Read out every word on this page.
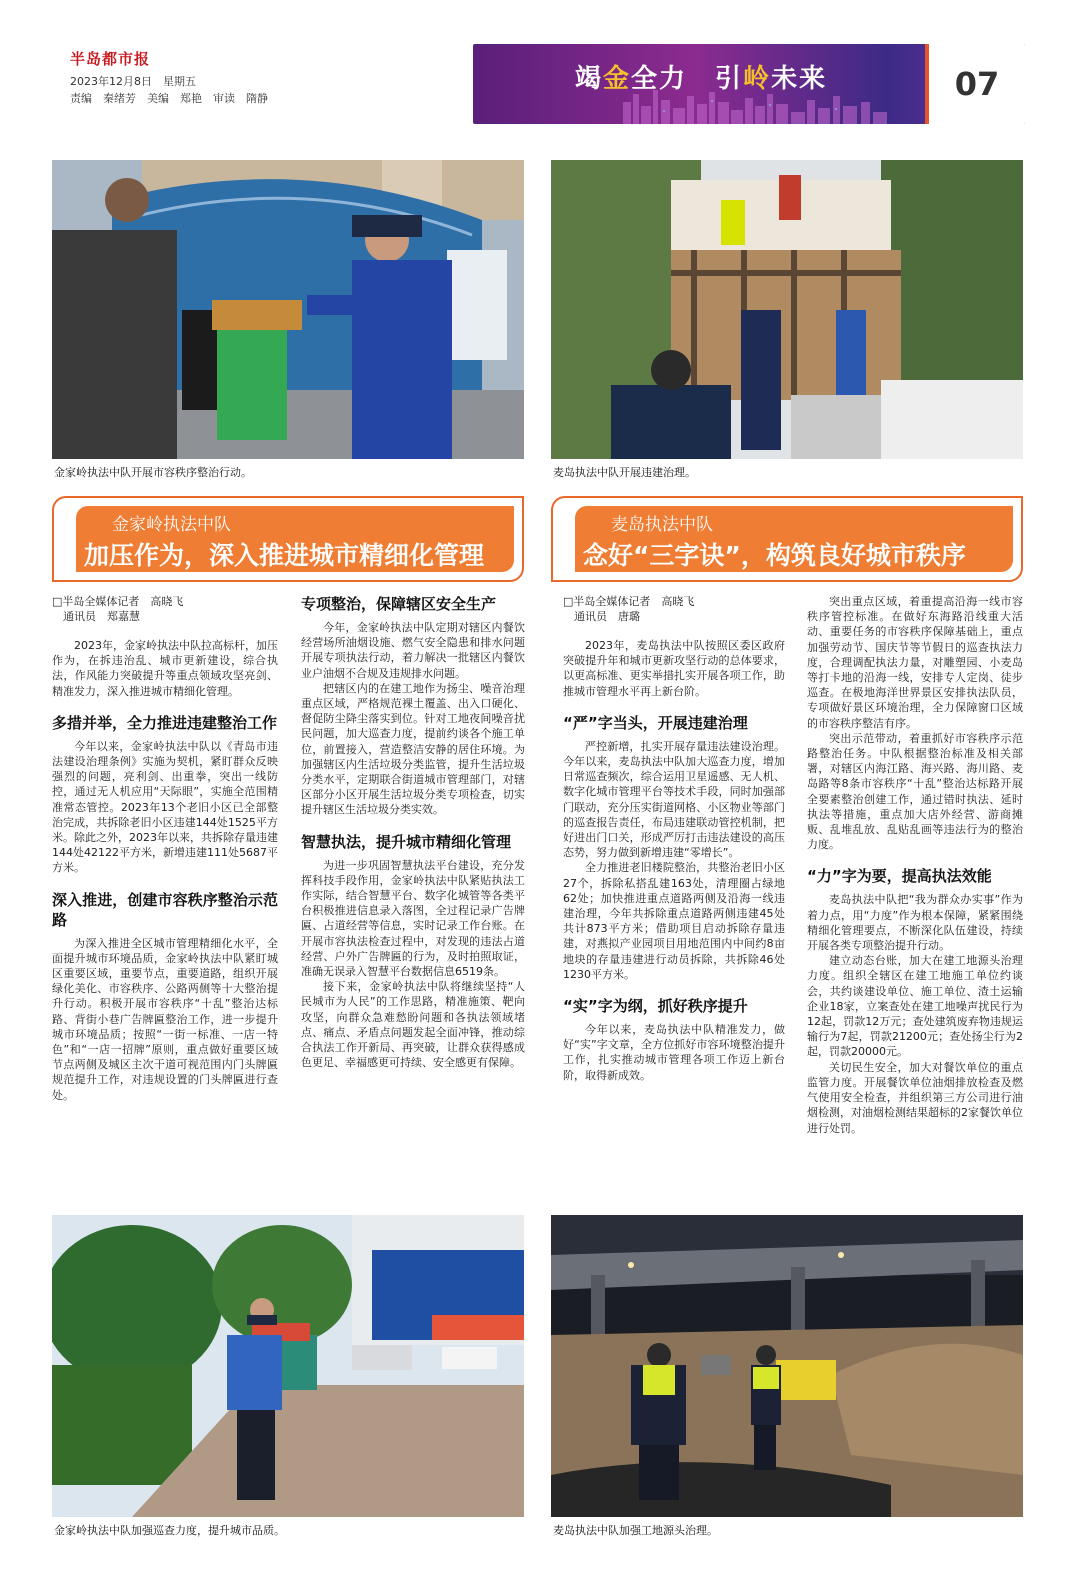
半岛都市报
2023年12月8日　星期五
责编　秦绪芳　美编　郑艳　审读　隋静
竭金全力　引岭未来	07
金家岭执法中队开展市容秩序整治行动。	麦岛执法中队开展违建治理。
金家岭执法中队
加压作为，深入推进城市精细化管理
麦岛执法中队
念好“三字诀”，构筑良好城市秩序

□半岛全媒体记者　高晓飞
　通讯员　郑嘉慧

2023年，金家岭执法中队拉高标杆，加压作为，在拆违治乱、城市更新建设，综合执法，作风能力突破提升等重点领域攻坚亮剑、精准发力，深入推进城市精细化管理。

多措并举，全力推进违建整治工作

今年以来，金家岭执法中队以《青岛市违法建设治理条例》实施为契机，紧盯群众反映强烈的问题，亮利剑、出重拳，突出一线防控，通过无人机应用“天际眼”，实施全范围精准常态管控。2023年13个老旧小区已全部整治完成，共拆除老旧小区违建144处1525平方米。除此之外，2023年以来，共拆除存量违建144处42122平方米，新增违建111处5687平方米。

深入推进，创建市容秩序整治示范路

为深入推进全区城市管理精细化水平，全面提升城市环境品质，金家岭执法中队紧盯城区重要区域，重要节点，重要道路，组织开展绿化美化、市容秩序、公路两侧等十大整治提升行动。积极开展市容秩序“十乱”整治达标路、背街小巷广告牌匾整治工作，进一步提升城市环境品质；按照“一街一标准、一店一特色”和“一店一招牌”原则，重点做好重要区域节点两侧及城区主次干道可视范围内门头牌匾规范提升工作，对违规设置的门头牌匾进行查处。

专项整治，保障辖区安全生产

今年，金家岭执法中队定期对辖区内餐饮经营场所油烟设施、燃气安全隐患和排水问题开展专项执法行动，着力解决一批辖区内餐饮业户油烟不合规及违规排水问题。

把辖区内的在建工地作为扬尘、噪音治理重点区域，严格规范裸土覆盖、出入口硬化、督促防尘降尘落实到位。针对工地夜间噪音扰民问题，加大巡查力度，提前约谈各个施工单位，前置接入，营造整洁安静的居住环境。为加强辖区内生活垃圾分类监管，提升生活垃圾分类水平，定期联合街道城市管理部门，对辖区部分小区开展生活垃圾分类专项检查，切实提升辖区生活垃圾分类实效。

智慧执法，提升城市精细化管理

为进一步巩固智慧执法平台建设，充分发挥科技手段作用，金家岭执法中队紧贴执法工作实际，结合智慧平台、数字化城管等各类平台积极推进信息录入落图，全过程记录广告牌匾、占道经营等信息，实时记录工作台账。在开展市容执法检查过程中，对发现的违法占道经营、户外广告牌匾的行为，及时拍照取证，准确无误录入智慧平台数据信息6519条。

接下来，金家岭执法中队将继续坚持“人民城市为人民”的工作思路，精准施策、靶向攻坚，向群众急难愁盼问题和各执法领域堵点、痛点、矛盾点问题发起全面冲锋，推动综合执法工作开新局、再突破，让群众获得感成色更足、幸福感更可持续、安全感更有保障。

□半岛全媒体记者　高晓飞
　通讯员　唐璐

2023年，麦岛执法中队按照区委区政府突破提升年和城市更新攻坚行动的总体要求，以更高标准、更实举措扎实开展各项工作，助推城市管理水平再上新台阶。

“严”字当头，开展违建治理

严控新增，扎实开展存量违法建设治理。今年以来，麦岛执法中队加大巡查力度，增加日常巡查频次，综合运用卫星遥感、无人机、数字化城市管理平台等技术手段，同时加强部门联动，充分压实街道网格、小区物业等部门的巡查报告责任，布局违建联动管控机制，把好进出门口关，形成严厉打击违法建设的高压态势，努力做到新增违建“零增长”。

全力推进老旧楼院整治，共整治老旧小区27个，拆除私搭乱建163处，清理圈占绿地62处；加快推进重点道路两侧及沿海一线违建治理，今年共拆除重点道路两侧违建45处共计873平方米；借助项目启动拆除存量违建，对燕拟产业园项目用地范围内中间约8亩地块的存量违建进行动员拆除，共拆除46处1230平方米。

“实”字为纲，抓好秩序提升

今年以来，麦岛执法中队精准发力，做好“实”字文章，全方位抓好市容环境整治提升工作，扎实推动城市管理各项工作迈上新台阶，取得新成效。

突出重点区域，着重提高沿海一线市容秩序管控标准。在做好东海路沿线重大活动、重要任务的市容秩序保障基础上，重点加强劳动节、国庆节等节假日的巡查执法力度，合理调配执法力量，对雕塑园、小麦岛等打卡地的沿海一线，安排专人定岗、徒步巡查。在极地海洋世界景区安排执法队员，专项做好景区环境治理，全力保障窗口区域的市容秩序整洁有序。

突出示范带动，着重抓好市容秩序示范路整治任务。中队根据整治标准及相关部署，对辖区内海江路、海兴路、海川路、麦岛路等8条市容秩序“十乱”整治达标路开展全要素整治创建工作，通过错时执法、延时执法等措施，重点加大店外经营、游商摊贩、乱堆乱放、乱贴乱画等违法行为的整治力度。

“力”字为要，提高执法效能

麦岛执法中队把“我为群众办实事”作为着力点，用“力度”作为根本保障，紧紧围绕精细化管理要点，不断深化队伍建设，持续开展各类专项整治提升行动。

建立动态台账，加大在建工地源头治理力度。组织全辖区在建工地施工单位约谈会，共约谈建设单位、施工单位、渣土运输企业18家，立案查处在建工地噪声扰民行为12起，罚款12万元；查处建筑废弃物违规运输行为7起，罚款21200元；查处扬尘行为2起，罚款20000元。

关切民生安全，加大对餐饮单位的重点监管力度。开展餐饮单位油烟排放检查及燃气使用安全检查，并组织第三方公司进行油烟检测，对油烟检测结果超标的2家餐饮单位进行处罚。

金家岭执法中队加强巡查力度，提升城市品质。	麦岛执法中队加强工地源头治理。
